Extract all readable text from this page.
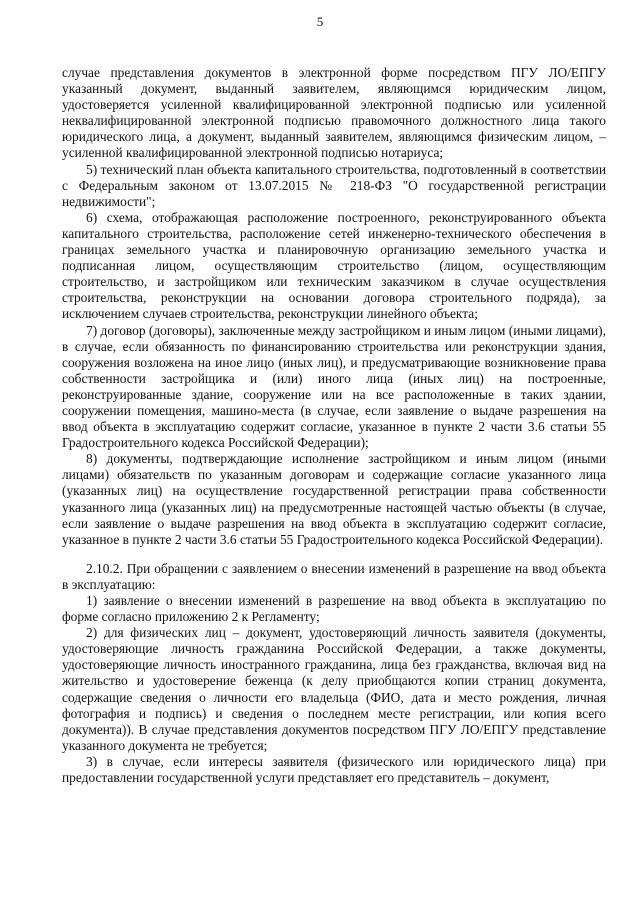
5

случае представления документов в электронной форме посредством ПГУ ЛО/ЕПГУ указанный документ, выданный заявителем, являющимся юридическим лицом, удостоверяется усиленной квалифицированной электронной подписью или усиленной неквалифицированной электронной подписью правомочного должностного лица такого юридического лица, а документ, выданный заявителем, являющимся физическим лицом, – усиленной квалифицированной электронной подписью нотариуса;

5) технический план объекта капитального строительства, подготовленный в соответствии с Федеральным законом от 13.07.2015 № 218-ФЗ "О государственной регистрации недвижимости";

6) схема, отображающая расположение построенного, реконструированного объекта капитального строительства, расположение сетей инженерно-технического обеспечения в границах земельного участка и планировочную организацию земельного участка и подписанная лицом, осуществляющим строительство (лицом, осуществляющим строительство, и застройщиком или техническим заказчиком в случае осуществления строительства, реконструкции на основании договора строительного подряда), за исключением случаев строительства, реконструкции линейного объекта;

7) договор (договоры), заключенные между застройщиком и иным лицом (иными лицами), в случае, если обязанность по финансированию строительства или реконструкции здания, сооружения возложена на иное лицо (иных лиц), и предусматривающие возникновение права собственности застройщика и (или) иного лица (иных лиц) на построенные, реконструированные здание, сооружение или на все расположенные в таких здании, сооружении помещения, машино-места (в случае, если заявление о выдаче разрешения на ввод объекта в эксплуатацию содержит согласие, указанное в пункте 2 части 3.6 статьи 55 Градостроительного кодекса Российской Федерации);

8) документы, подтверждающие исполнение застройщиком и иным лицом (иными лицами) обязательств по указанным договорам и содержащие согласие указанного лица (указанных лиц) на осуществление государственной регистрации права собственности указанного лица (указанных лиц) на предусмотренные настоящей частью объекты (в случае, если заявление о выдаче разрешения на ввод объекта в эксплуатацию содержит согласие, указанное в пункте 2 части 3.6 статьи 55 Градостроительного кодекса Российской Федерации).

2.10.2. При обращении с заявлением о внесении изменений в разрешение на ввод объекта в эксплуатацию:

1) заявление о внесении изменений в разрешение на ввод объекта в эксплуатацию по форме согласно приложению 2 к Регламенту;

2) для физических лиц – документ, удостоверяющий личность заявителя (документы, удостоверяющие личность гражданина Российской Федерации, а также документы, удостоверяющие личность иностранного гражданина, лица без гражданства, включая вид на жительство и удостоверение беженца (к делу приобщаются копии страниц документа, содержащие сведения о личности его владельца (ФИО, дата и место рождения, личная фотография и подпись) и сведения о последнем месте регистрации, или копия всего документа)). В случае представления документов посредством ПГУ ЛО/ЕПГУ представление указанного документа не требуется;

3) в случае, если интересы заявителя (физического или юридического лица) при предоставлении государственной услуги представляет его представитель – документ,
